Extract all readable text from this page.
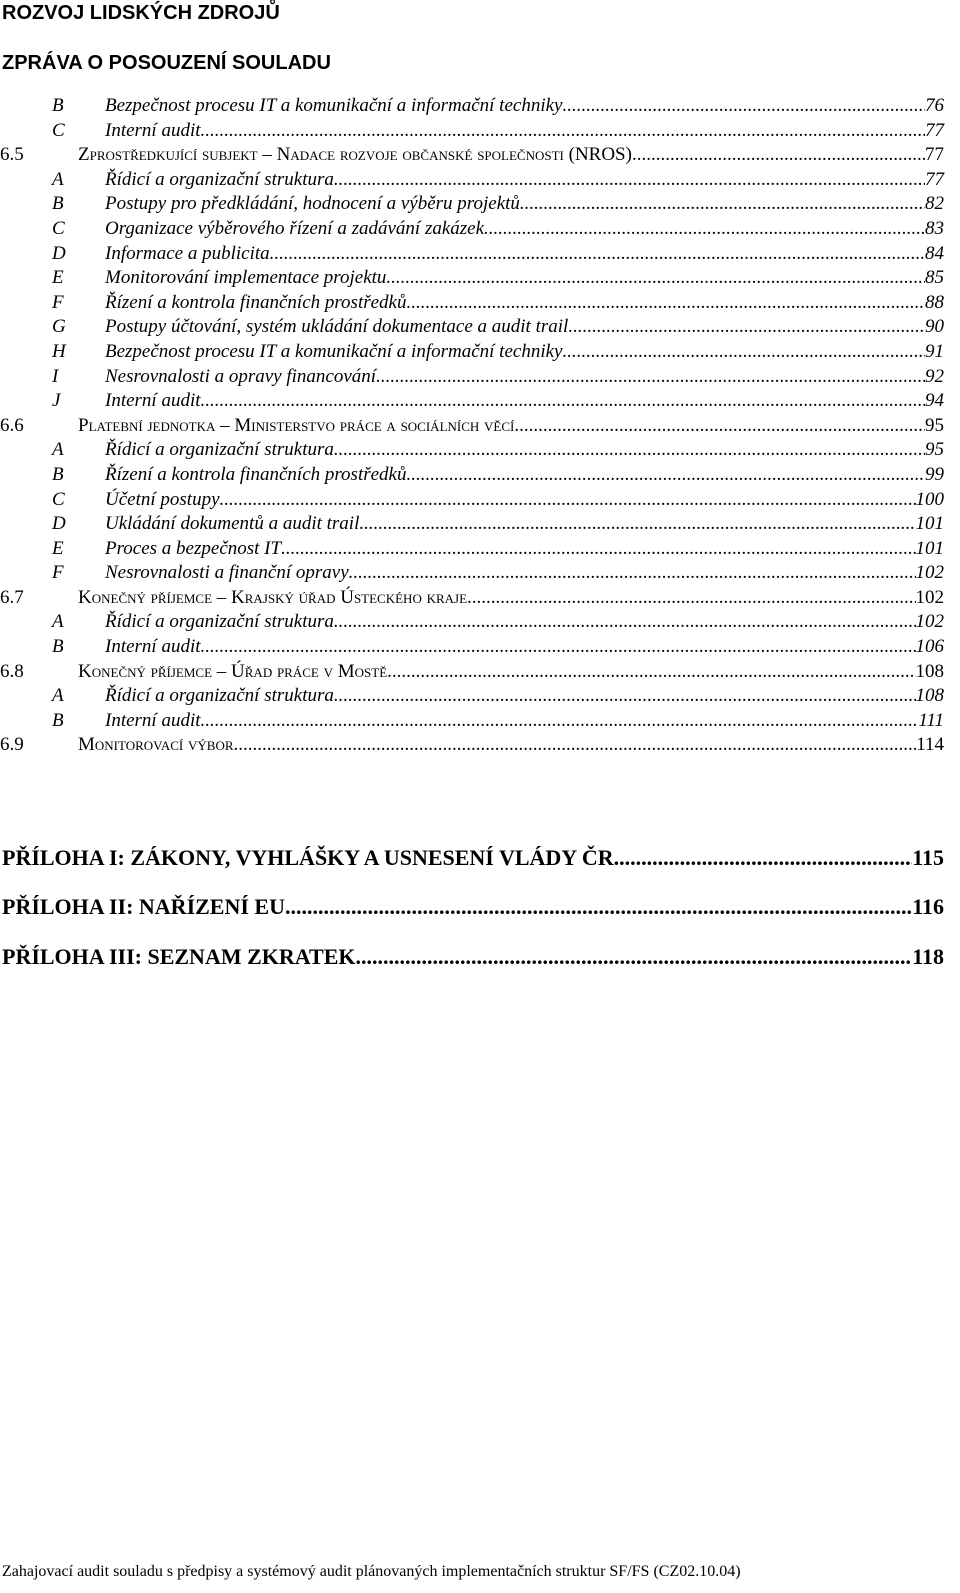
ROZVOJ LIDSKÝCH ZDROJŮ
ZPRÁVA O POSOUZENÍ SOULADU
B Bezpečnost procesu IT a komunikační a informační techniky .....	76
C Interní audit .....	77
6.5	Zprostředkující subjekt – Nadace rozvoje občanské společnosti (NROS) .....	77
A Řídicí a organizační struktura .....	77
B Postupy pro předkládání, hodnocení a výběru projektů .....	82
C Organizace výběrového řízení a zadávání zakázek .....	83
D Informace a publicita .....	84
E Monitorování implementace projektu .....	85
F Řízení a kontrola finančních prostředků .....	88
G Postupy účtování, systém ukládání dokumentace a audit trail .....	90
H Bezpečnost procesu IT a komunikační a informační techniky .....	91
I Nesrovnalosti a opravy financování .....	92
J Interní audit .....	94
6.6	Platební jednotka – Ministerstvo práce a sociálních věcí .....	95
A Řídicí a organizační struktura .....	95
B Řízení a kontrola finančních prostředků .....	99
C Účetní postupy .....	100
D Ukládání dokumentů a audit trail .....	101
E Proces a bezpečnost IT .....	101
F Nesrovnalosti a finanční opravy .....	102
6.7	Konečný příjemce – Krajský úřad Ústeckého kraje .....	102
A Řídicí a organizační struktura .....	102
B Interní audit .....	106
6.8	Konečný příjemce – Úřad práce v Mostě .....	108
A Řídicí a organizační struktura .....	108
B Interní audit .....	111
6.9	Monitorovací výbor .....	114
PŘÍLOHA I: ZÁKONY, VYHLÁŠKY A USNESENÍ VLÁDY ČR .....	115
PŘÍLOHA II: NAŘÍZENÍ EU .....	116
PŘÍLOHA III: SEZNAM ZKRATEK .....	118
Zahajovací audit souladu s předpisy a systémový audit plánovaných implementačních struktur SF/FS (CZ02.10.04)
